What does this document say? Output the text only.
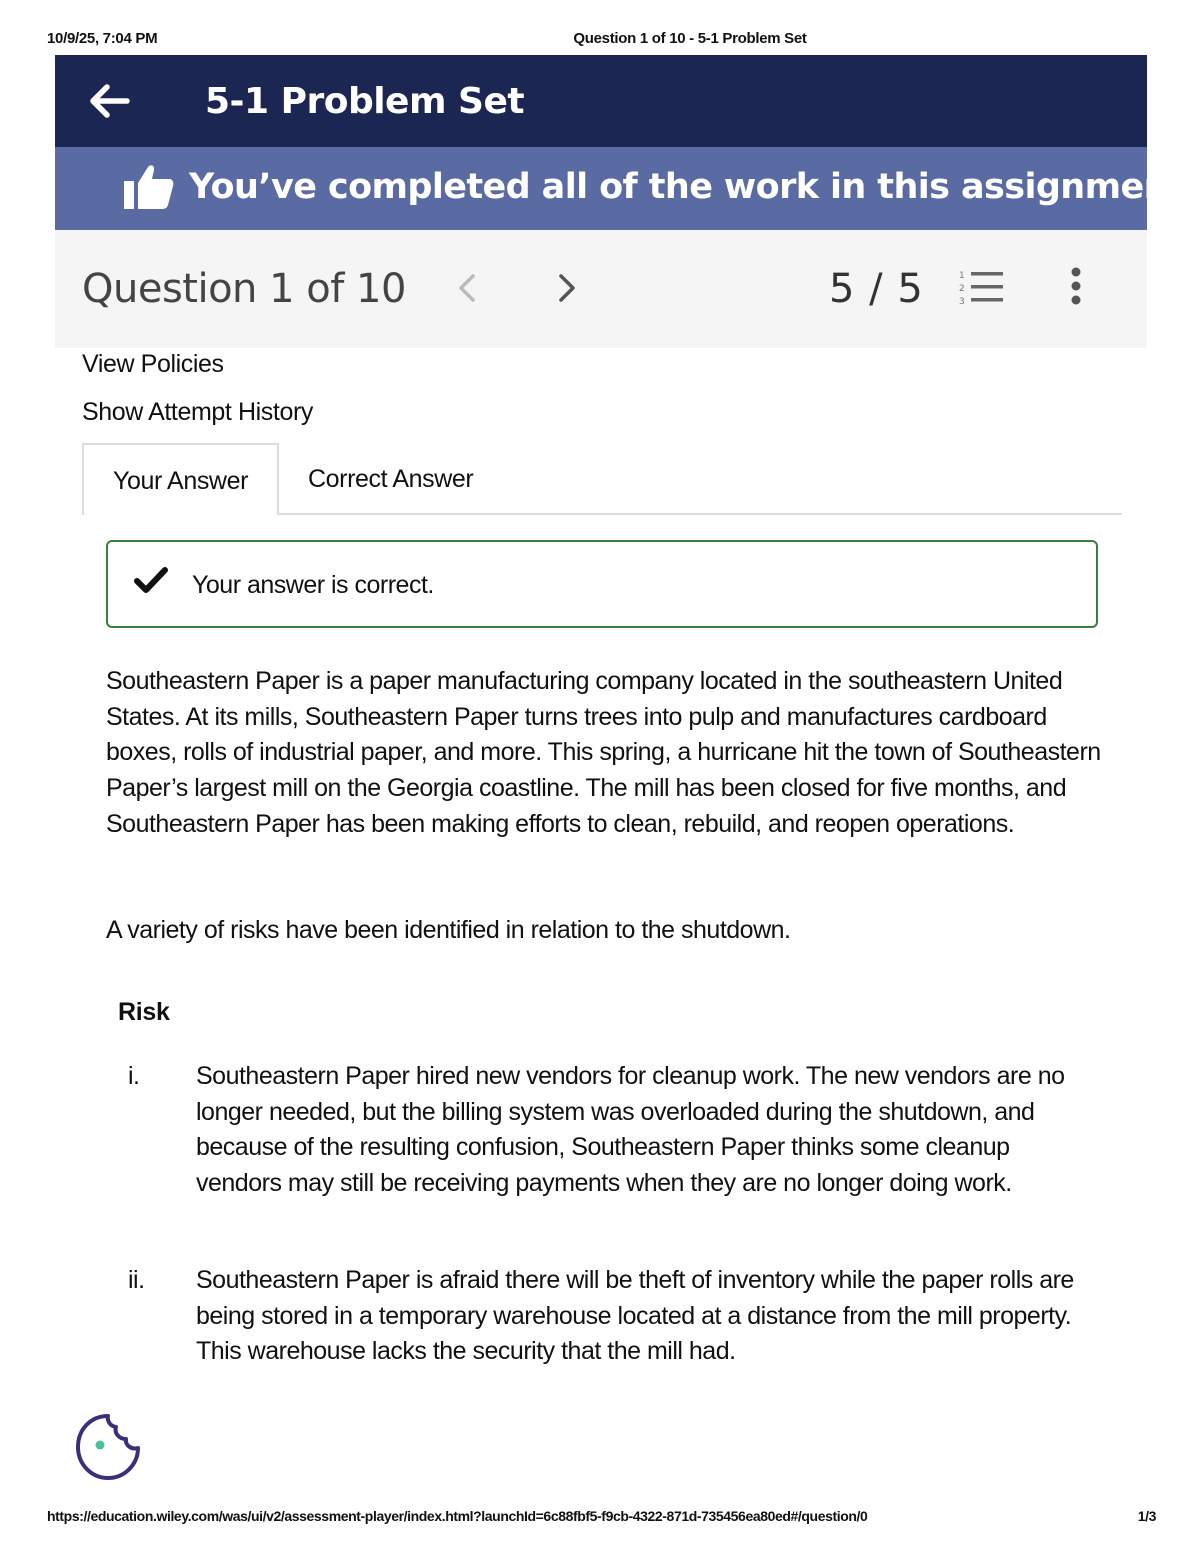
10/9/25, 7:04 PM	Question 1 of 10 - 5-1 Problem Set
5-1 Problem Set
You’ve completed all of the work in this assignment.
Question 1 of 10	5 / 5	1
2
3
View Policies
Show Attempt History
Your Answer	Correct Answer
Your answer is correct.
Southeastern Paper is a paper manufacturing company located in the southeastern United States. At its mills, Southeastern Paper turns trees into pulp and manufactures cardboard boxes, rolls of industrial paper, and more. This spring, a hurricane hit the town of Southeastern Paper’s largest mill on the Georgia coastline. The mill has been closed for five months, and Southeastern Paper has been making efforts to clean, rebuild, and reopen operations.
A variety of risks have been identified in relation to the shutdown.
Risk
i. Southeastern Paper hired new vendors for cleanup work. The new vendors are no longer needed, but the billing system was overloaded during the shutdown, and because of the resulting confusion, Southeastern Paper thinks some cleanup vendors may still be receiving payments when they are no longer doing work.
ii. Southeastern Paper is afraid there will be theft of inventory while the paper rolls are being stored in a temporary warehouse located at a distance from the mill property. This warehouse lacks the security that the mill had.
https://education.wiley.com/was/ui/v2/assessment-player/index.html?launchId=6c88fbf5-f9cb-4322-871d-735456ea80ed#/question/0	1/3
